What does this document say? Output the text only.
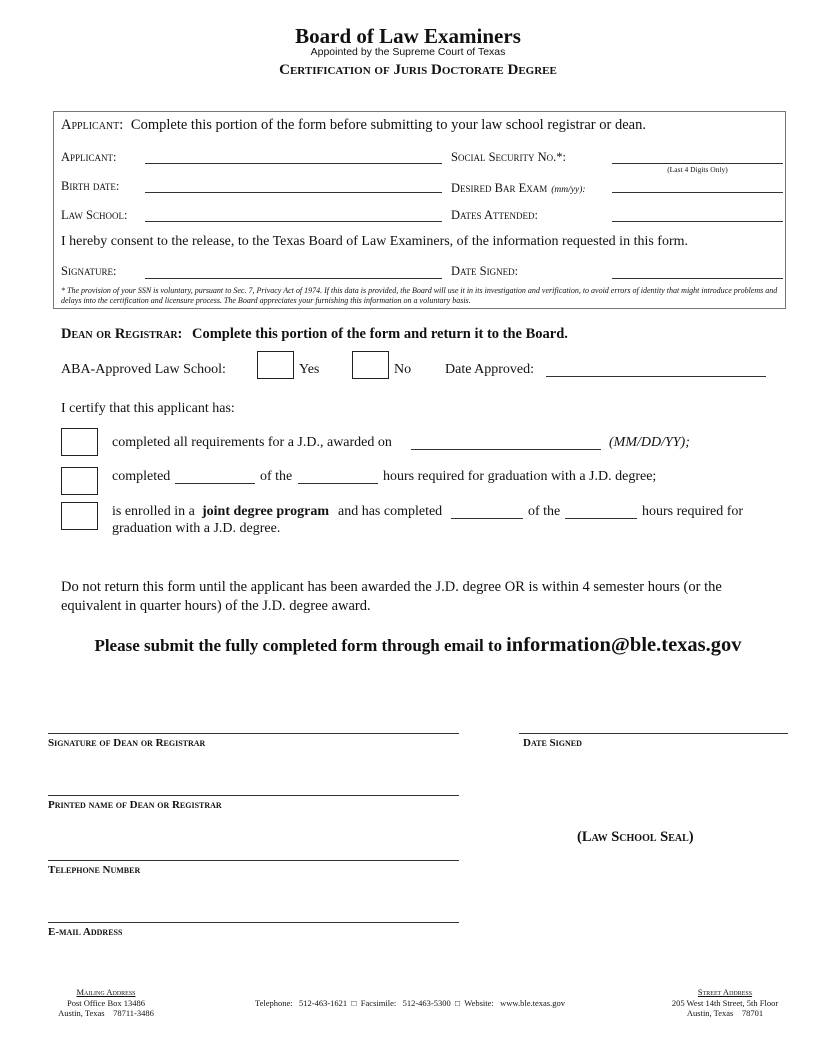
Board of Law Examiners
Appointed by the Supreme Court of Texas
Certification of Juris Doctorate Degree
Applicant: Complete this portion of the form before submitting to your law school registrar or dean.
Applicant:	Social Security No.*:
(Last 4 Digits Only)
Birth date:	Desired Bar Exam (mm/yy):
Law School:	Dates Attended:
I hereby consent to the release, to the Texas Board of Law Examiners, of the information requested in this form.
Signature:	Date Signed:
* The provision of your SSN is voluntary, pursuant to Sec. 7, Privacy Act of 1974. If this data is provided, the Board will use it in its investigation and verification, to avoid errors of identity that might introduce problems and delays into the certification and licensure process. The Board appreciates your furnishing this information on a voluntary basis.
Dean or Registrar: Complete this portion of the form and return it to the Board.
ABA-Approved Law School:	Yes	No Date Approved:
I certify that this applicant has:
completed all requirements for a J.D., awarded on	(MM/DD/YY);
completed	of the	hours required for graduation with a J.D. degree;
is enrolled in a joint degree program and has completed	of the	hours required for
graduation with a J.D. degree.
Do not return this form until the applicant has been awarded the J.D. degree OR is within 4 semester hours (or the
equivalent in quarter hours) of the J.D. degree award.
Please submit the fully completed form through email to information@ble.texas.gov
Signature of Dean or Registrar	Date Signed
Printed name of Dean or Registrar
(Law School Seal)
Telephone Number
E-mail Address
Mailing Address
Post Office Box 13486
Austin, Texas    78711-3486
Telephone:   512-463-1621  □  Facsimile:   512-463-5300  □  Website:   www.ble.texas.gov
Street Address
205 West 14th Street, 5th Floor
Austin, Texas    78701
